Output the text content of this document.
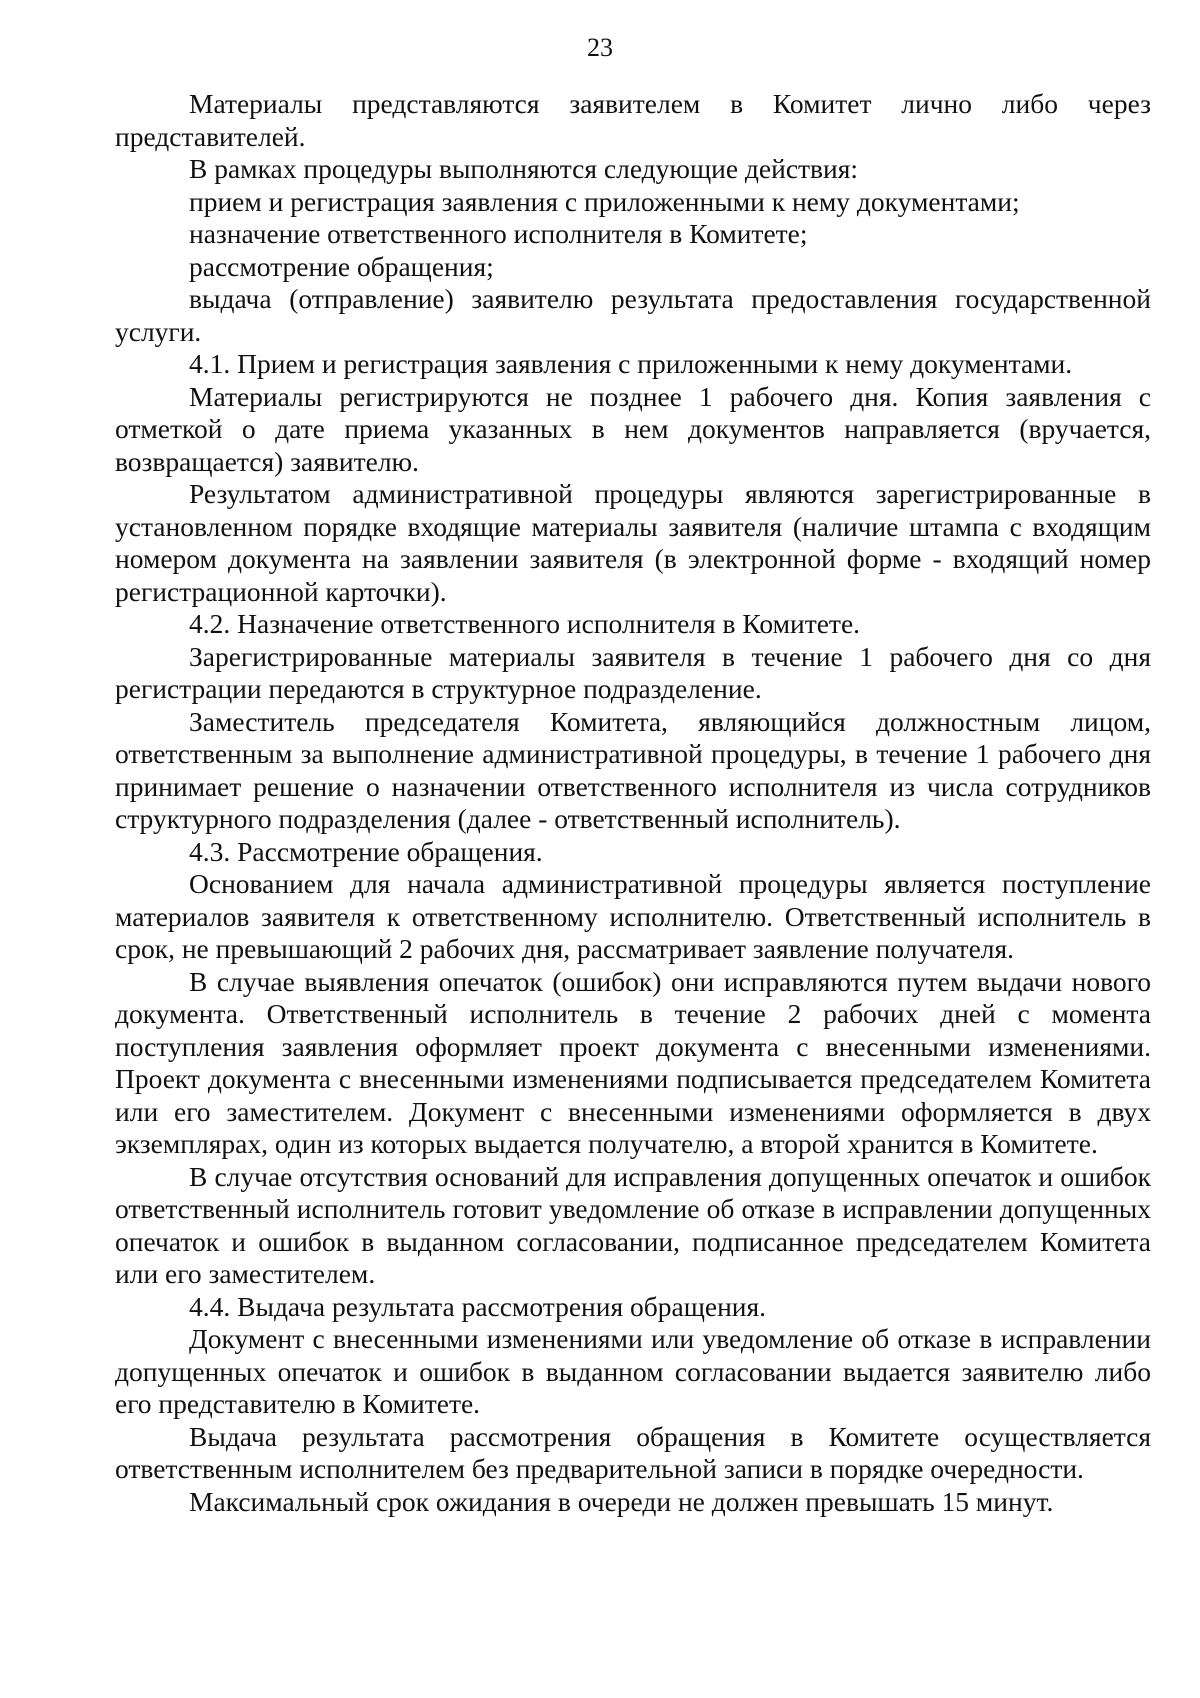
23

Материалы представляются заявителем в Комитет лично либо через представителей.

В рамках процедуры выполняются следующие действия:

прием и регистрация заявления с приложенными к нему документами;

назначение ответственного исполнителя в Комитете;

рассмотрение обращения;

выдача (отправление) заявителю результата предоставления государственной услуги.

4.1. Прием и регистрация заявления с приложенными к нему документами.

Материалы регистрируются не позднее 1 рабочего дня. Копия заявления с отметкой о дате приема указанных в нем документов направляется (вручается, возвращается) заявителю.

Результатом административной процедуры являются зарегистрированные в установленном порядке входящие материалы заявителя (наличие штампа с входящим номером документа на заявлении заявителя (в электронной форме - входящий номер регистрационной карточки).

4.2. Назначение ответственного исполнителя в Комитете.

Зарегистрированные материалы заявителя в течение 1 рабочего дня со дня регистрации передаются в структурное подразделение.

Заместитель председателя Комитета, являющийся должностным лицом, ответственным за выполнение административной процедуры, в течение 1 рабочего дня принимает решение о назначении ответственного исполнителя из числа сотрудников структурного подразделения (далее - ответственный исполнитель).

4.3. Рассмотрение обращения.

Основанием для начала административной процедуры является поступление материалов заявителя к ответственному исполнителю. Ответственный исполнитель в срок, не превышающий 2 рабочих дня, рассматривает заявление получателя.

В случае выявления опечаток (ошибок) они исправляются путем выдачи нового документа. Ответственный исполнитель в течение 2 рабочих дней с момента поступления заявления оформляет проект документа с внесенными изменениями. Проект документа с внесенными изменениями подписывается председателем Комитета или его заместителем. Документ с внесенными изменениями оформляется в двух экземплярах, один из которых выдается получателю, а второй хранится в Комитете.

В случае отсутствия оснований для исправления допущенных опечаток и ошибок ответственный исполнитель готовит уведомление об отказе в исправлении допущенных опечаток и ошибок в выданном согласовании, подписанное председателем Комитета или его заместителем.

4.4. Выдача результата рассмотрения обращения.

Документ с внесенными изменениями или уведомление об отказе в исправлении допущенных опечаток и ошибок в выданном согласовании выдается заявителю либо его представителю в Комитете.

Выдача результата рассмотрения обращения в Комитете осуществляется ответственным исполнителем без предварительной записи в порядке очередности.

Максимальный срок ожидания в очереди не должен превышать 15 минут.
